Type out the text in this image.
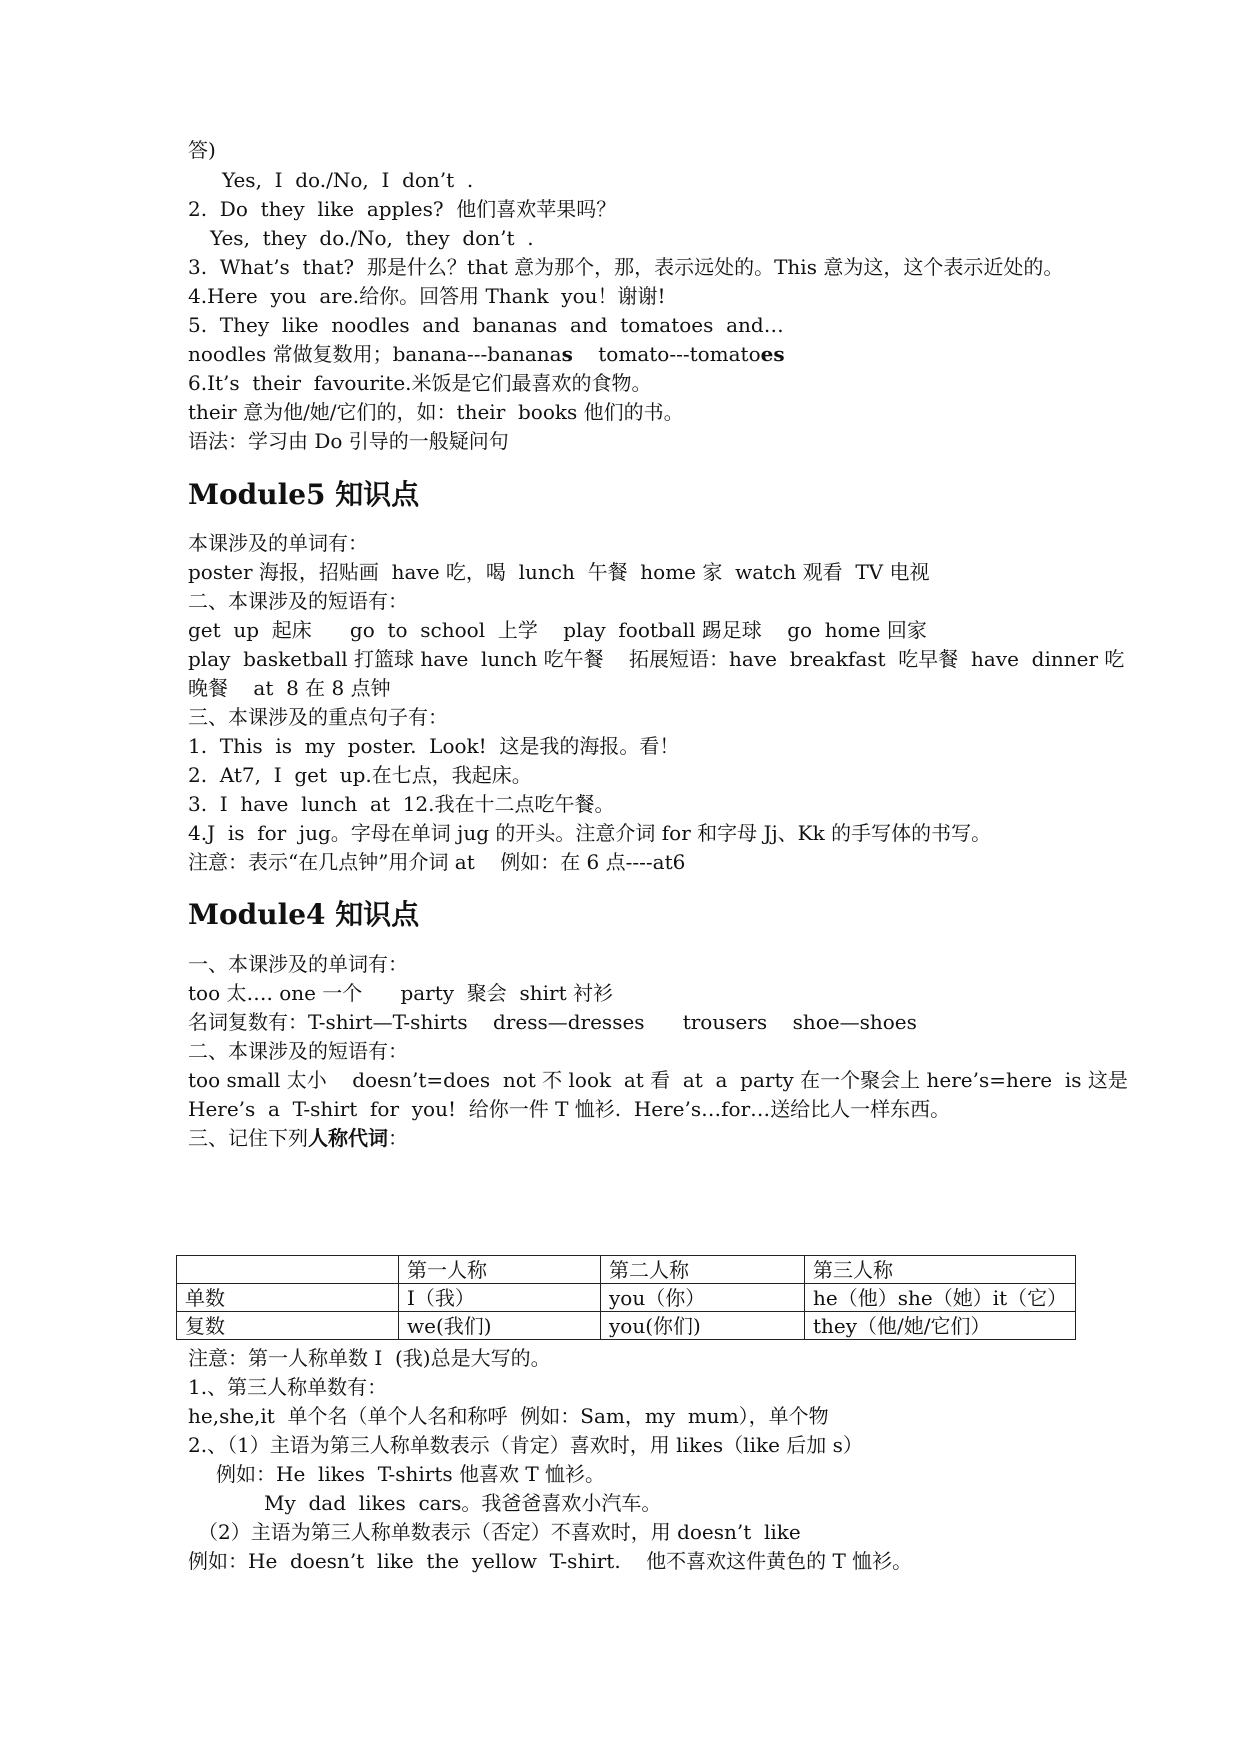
答)
Yes,  I  do./No,  I  don’t  .
2.  Do  they  like  apples?  他们喜欢苹果吗？
Yes,  they  do./No,  they  don’t  .
3.  What’s  that?  那是什么？that 意为那个，那，表示远处的。This 意为这，这个表示近处的。
4.Here  you  are.给你。回答用 Thank  you！谢谢!
5.  They  like  noodles  and  bananas  and  tomatoes  and…
noodles 常做复数用；banana---bananas    tomato---tomatoes
6.It’s  their  favourite.米饭是它们最喜欢的食物。
their 意为他/她/它们的，如：their  books 他们的书。
语法：学习由 Do 引导的一般疑问句
Module5 知识点
本课涉及的单词有：
poster 海报，招贴画  have 吃，喝  lunch  午餐  home 家  watch 观看  TV 电视
二、本课涉及的短语有：
get  up  起床      go  to  school  上学    play  football 踢足球    go  home 回家
play  basketball 打篮球 have  lunch 吃午餐    拓展短语：have  breakfast  吃早餐  have  dinner 吃
晚餐    at  8 在 8 点钟
三、本课涉及的重点句子有：
1.  This  is  my  poster.  Look!  这是我的海报。看！
2.  At7,  I  get  up.在七点，我起床。
3.  I  have  lunch  at  12.我在十二点吃午餐。
4.J  is  for  jug。字母在单词 jug 的开头。注意介词 for 和字母 Jj、Kk 的手写体的书写。
注意：表示“在几点钟”用介词 at    例如：在 6 点----at6
Module4 知识点
一、本课涉及的单词有：
too 太…. one 一个      party  聚会  shirt 衬衫
名词复数有：T-shirt—T-shirts    dress—dresses      trousers    shoe—shoes
二、本课涉及的短语有：
too small 太小    doesn’t=does  not 不 look  at 看  at  a  party 在一个聚会上 here’s=here  is 这是
Here’s  a  T-shirt  for  you!  给你一件 T 恤衫.  Here’s…for…送给比人一样东西。
三、记住下列人称代词：
	第一人称	第二人称	第三人称
单数	I（我）	you（你）	he（他）she（她）it（它）
复数	we(我们)	you(你们)	they（他/她/它们）
注意：第一人称单数 I  (我)总是大写的。
1.、第三人称单数有：
he,she,it  单个名（单个人名和称呼  例如：Sam，my  mum），单个物
2.、（1）主语为第三人称单数表示（肯定）喜欢时，用 likes（like 后加 s）
例如：He  likes  T-shirts 他喜欢 T 恤衫。
My  dad  likes  cars。我爸爸喜欢小汽车。
（2）主语为第三人称单数表示（否定）不喜欢时，用 doesn’t  like
例如：He  doesn’t  like  the  yellow  T-shirt.    他不喜欢这件黄色的 T 恤衫。
